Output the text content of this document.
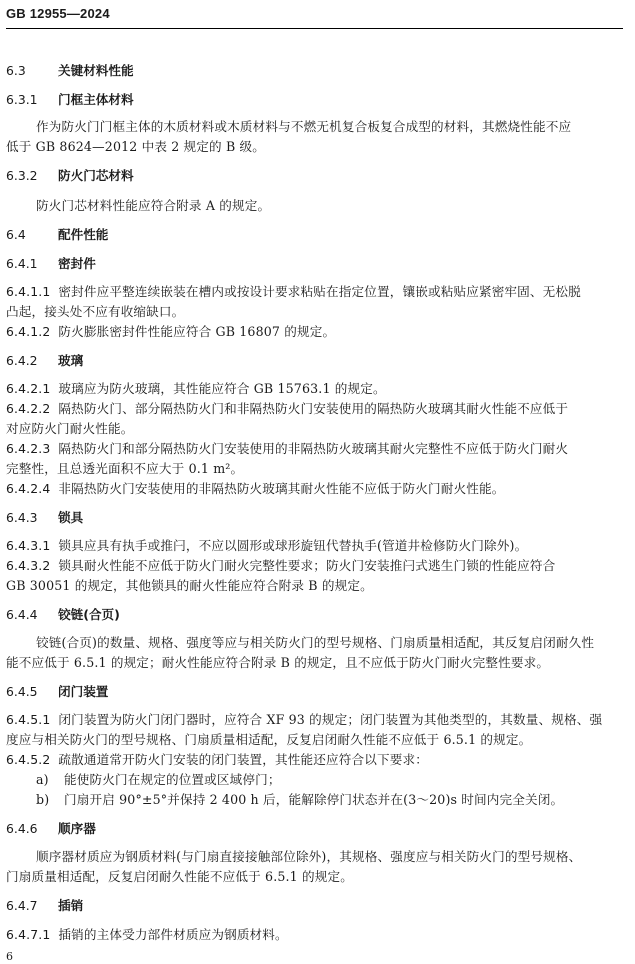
GB 12955—2024
6.3	关键材料性能
6.3.1 门框主体材料
作为防火门门框主体的木质材料或木质材料与不燃无机复合板复合成型的材料，其燃烧性能不应
低于 GB 8624—2012 中表 2 规定的 B 级。
6.3.2 防火门芯材料
防火门芯材料性能应符合附录 A 的规定。
6.4	配件性能
6.4.1 密封件
6.4.1.1 密封件应平整连续嵌装在槽内或按设计要求粘贴在指定位置，镶嵌或粘贴应紧密牢固、无松脱
凸起，接头处不应有收缩缺口。
6.4.1.2 防火膨胀密封件性能应符合 GB 16807 的规定。
6.4.2 玻璃
6.4.2.1 玻璃应为防火玻璃，其性能应符合 GB 15763.1 的规定。
6.4.2.2 隔热防火门、部分隔热防火门和非隔热防火门安装使用的隔热防火玻璃其耐火性能不应低于
对应防火门耐火性能。
6.4.2.3 隔热防火门和部分隔热防火门安装使用的非隔热防火玻璃其耐火完整性不应低于防火门耐火
完整性，且总透光面积不应大于 0.1 m²。
6.4.2.4 非隔热防火门安装使用的非隔热防火玻璃其耐火性能不应低于防火门耐火性能。
6.4.3 锁具
6.4.3.1 锁具应具有执手或推闩，不应以圆形或球形旋钮代替执手(管道井检修防火门除外)。
6.4.3.2 锁具耐火性能不应低于防火门耐火完整性要求；防火门安装推闩式逃生门锁的性能应符合
GB 30051 的规定，其他锁具的耐火性能应符合附录 B 的规定。
6.4.4 铰链(合页)
铰链(合页)的数量、规格、强度等应与相关防火门的型号规格、门扇质量相适配，其反复启闭耐久性
能不应低于 6.5.1 的规定；耐火性能应符合附录 B 的规定，且不应低于防火门耐火完整性要求。
6.4.5 闭门装置
6.4.5.1 闭门装置为防火门闭门器时，应符合 XF 93 的规定；闭门装置为其他类型的，其数量、规格、强
度应与相关防火门的型号规格、门扇质量相适配，反复启闭耐久性能不应低于 6.5.1 的规定。
6.4.5.2 疏散通道常开防火门安装的闭门装置，其性能还应符合以下要求：
a) 能使防火门在规定的位置或区域停门；
b) 门扇开启 90°±5°并保持 2 400 h 后，能解除停门状态并在(3～20)s 时间内完全关闭。
6.4.6 顺序器
顺序器材质应为钢质材料(与门扇直接接触部位除外)，其规格、强度应与相关防火门的型号规格、
门扇质量相适配，反复启闭耐久性能不应低于 6.5.1 的规定。
6.4.7 插销
6.4.7.1 插销的主体受力部件材质应为钢质材料。
6
